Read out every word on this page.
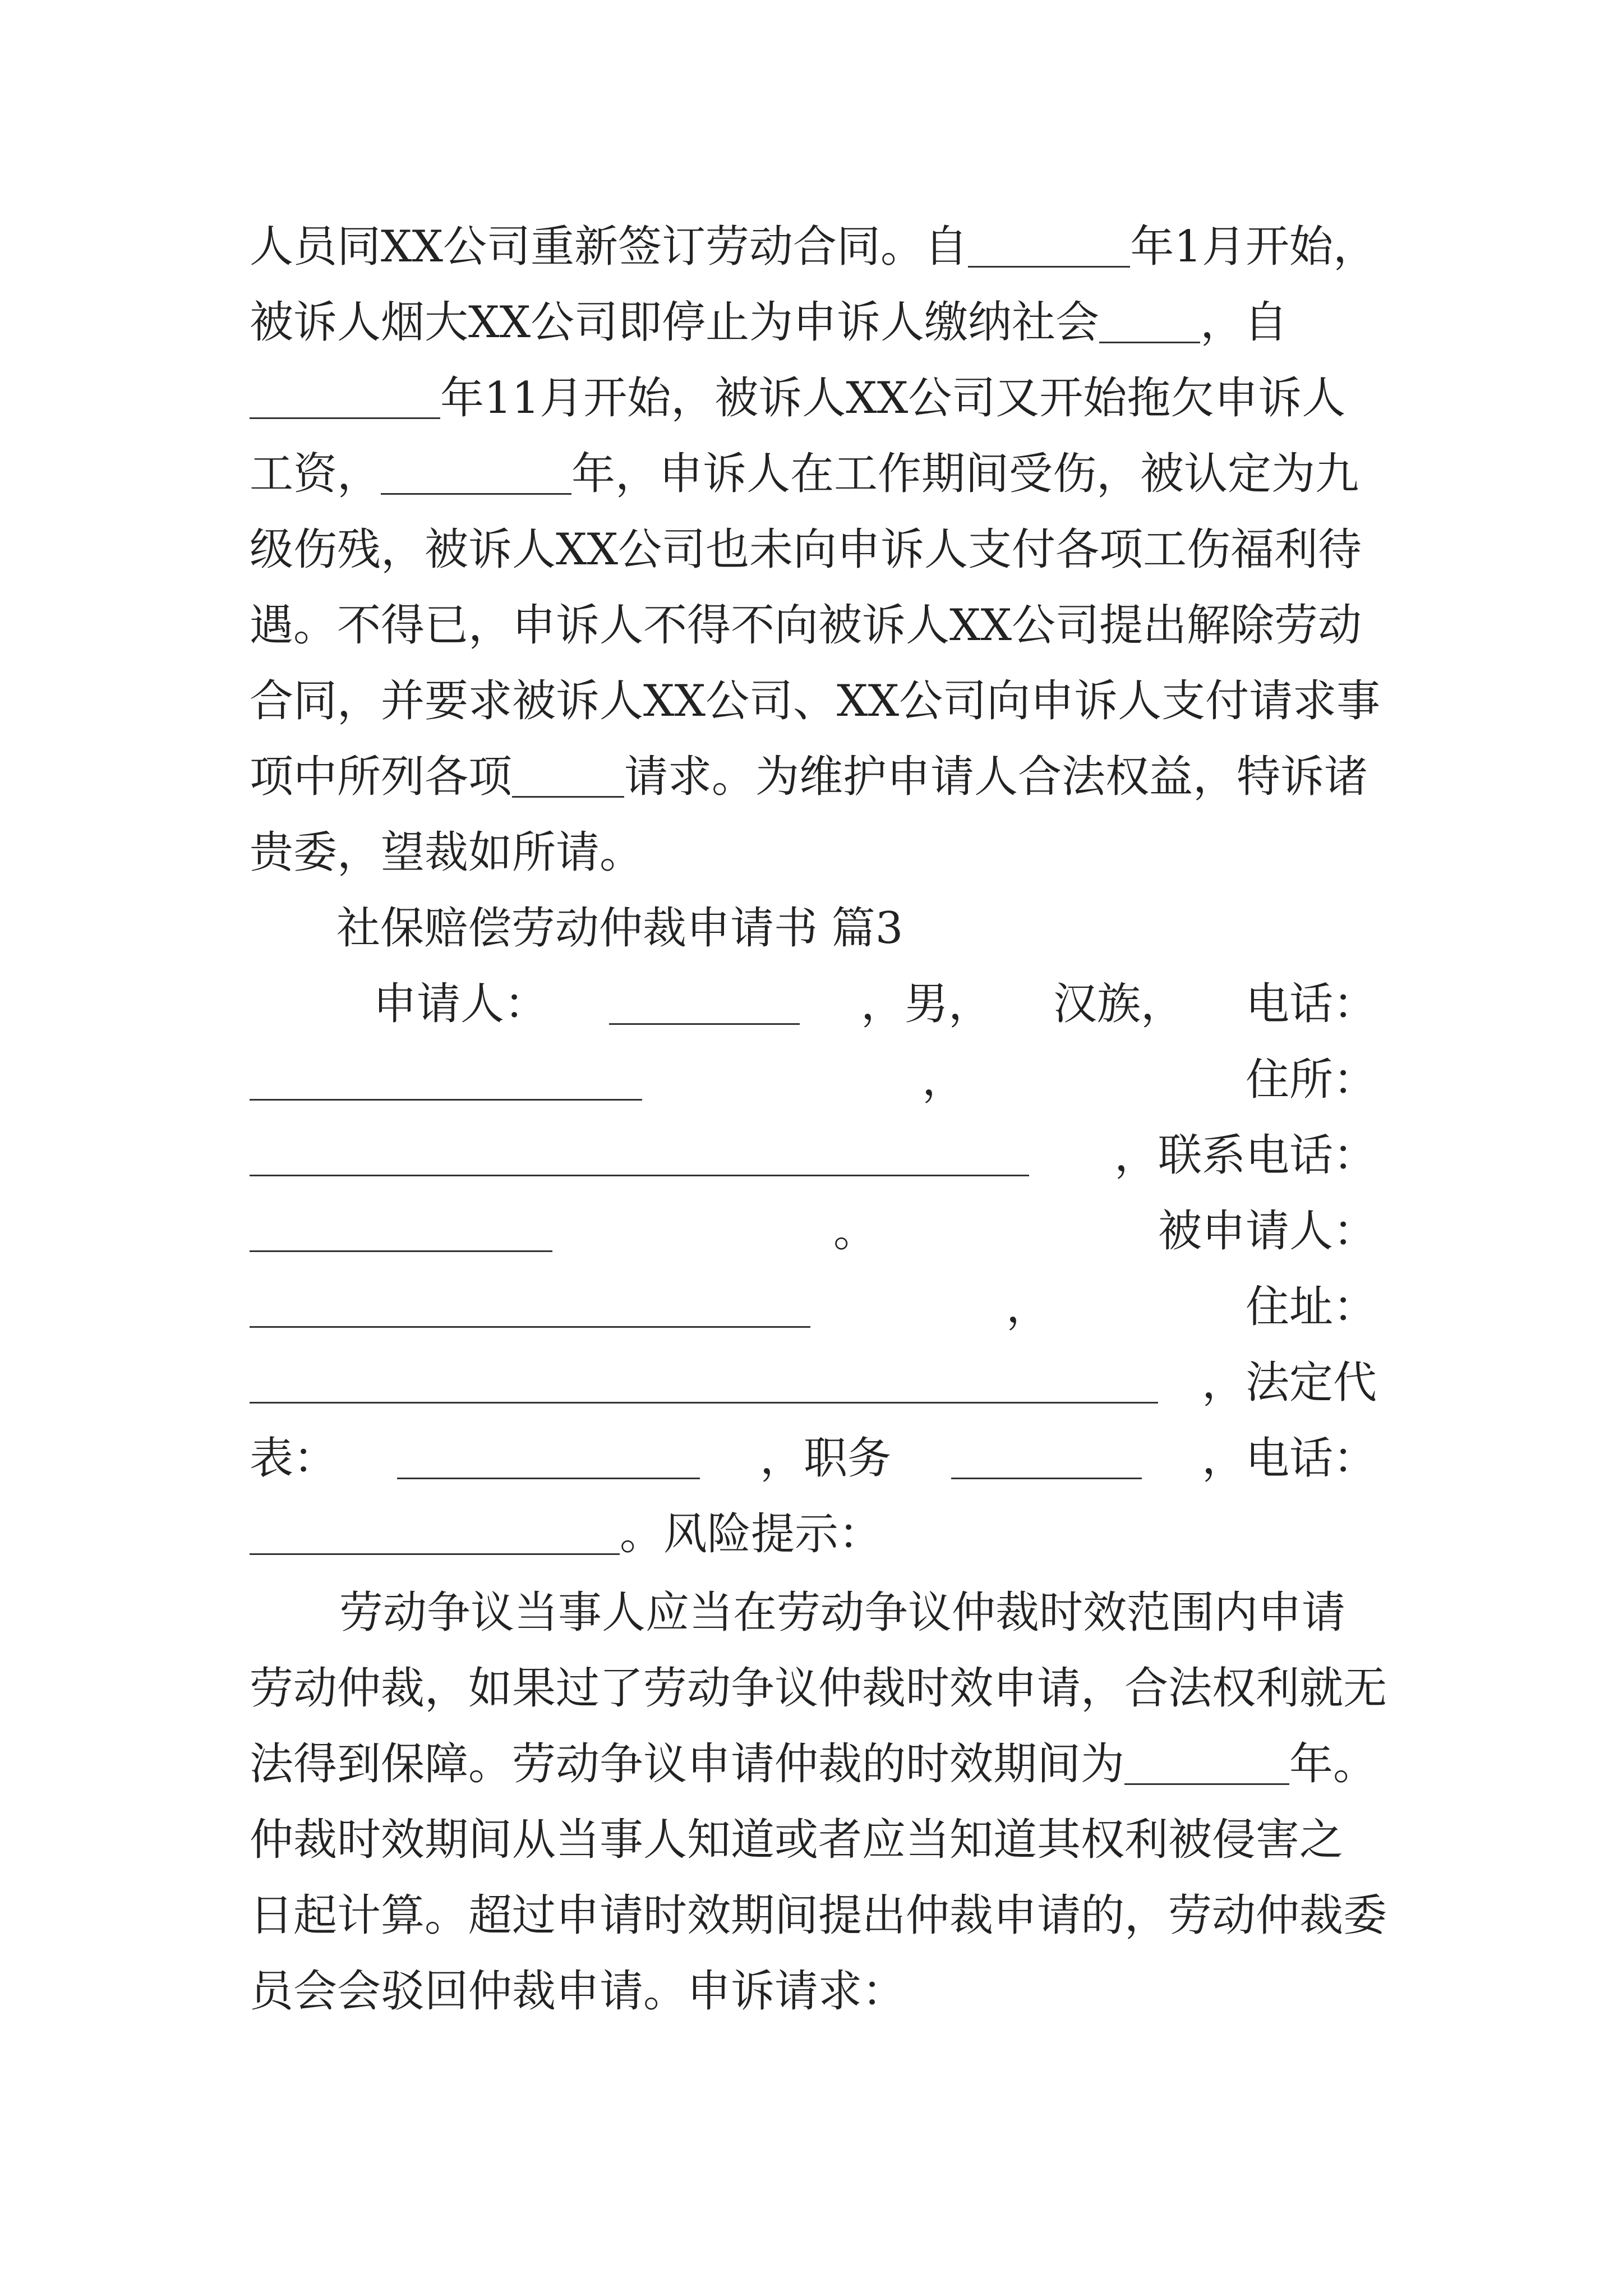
人员同XX公司重新签订劳动合同。自	年1月开始，
被诉人烟大XX公司即停止为申诉人缴纳社会 ，自
年11月开始，被诉人XX公司又开始拖欠申诉人
工资，	年，申诉人在工作期间受伤，被认定为九
级伤残，被诉人XX公司也未向申诉人支付各项工伤福利待
遇。不得已，申诉人不得不向被诉人XX公司提出解除劳动
合同，并要求被诉人XX公司、XX公司向申诉人支付请求事
项中所列各项	请求。为维护申请人合法权益，特诉诸
贵委，望裁如所请。
社保赔偿劳动仲裁申请书 篇3
申请人：	，男， 汉族， 电话：
，	住所：
，联系电话：
。	被申请人：
，	住址：
，法定代
表：	，职务	，电话：
。风险提示：
劳动争议当事人应当在劳动争议仲裁时效范围内申请
劳动仲裁，如果过了劳动争议仲裁时效申请，合法权利就无
法得到保障。劳动争议申请仲裁的时效期间为	年。
仲裁时效期间从当事人知道或者应当知道其权利被侵害之
日起计算。超过申请时效期间提出仲裁申请的，劳动仲裁委
员会会驳回仲裁申请。申诉请求：
